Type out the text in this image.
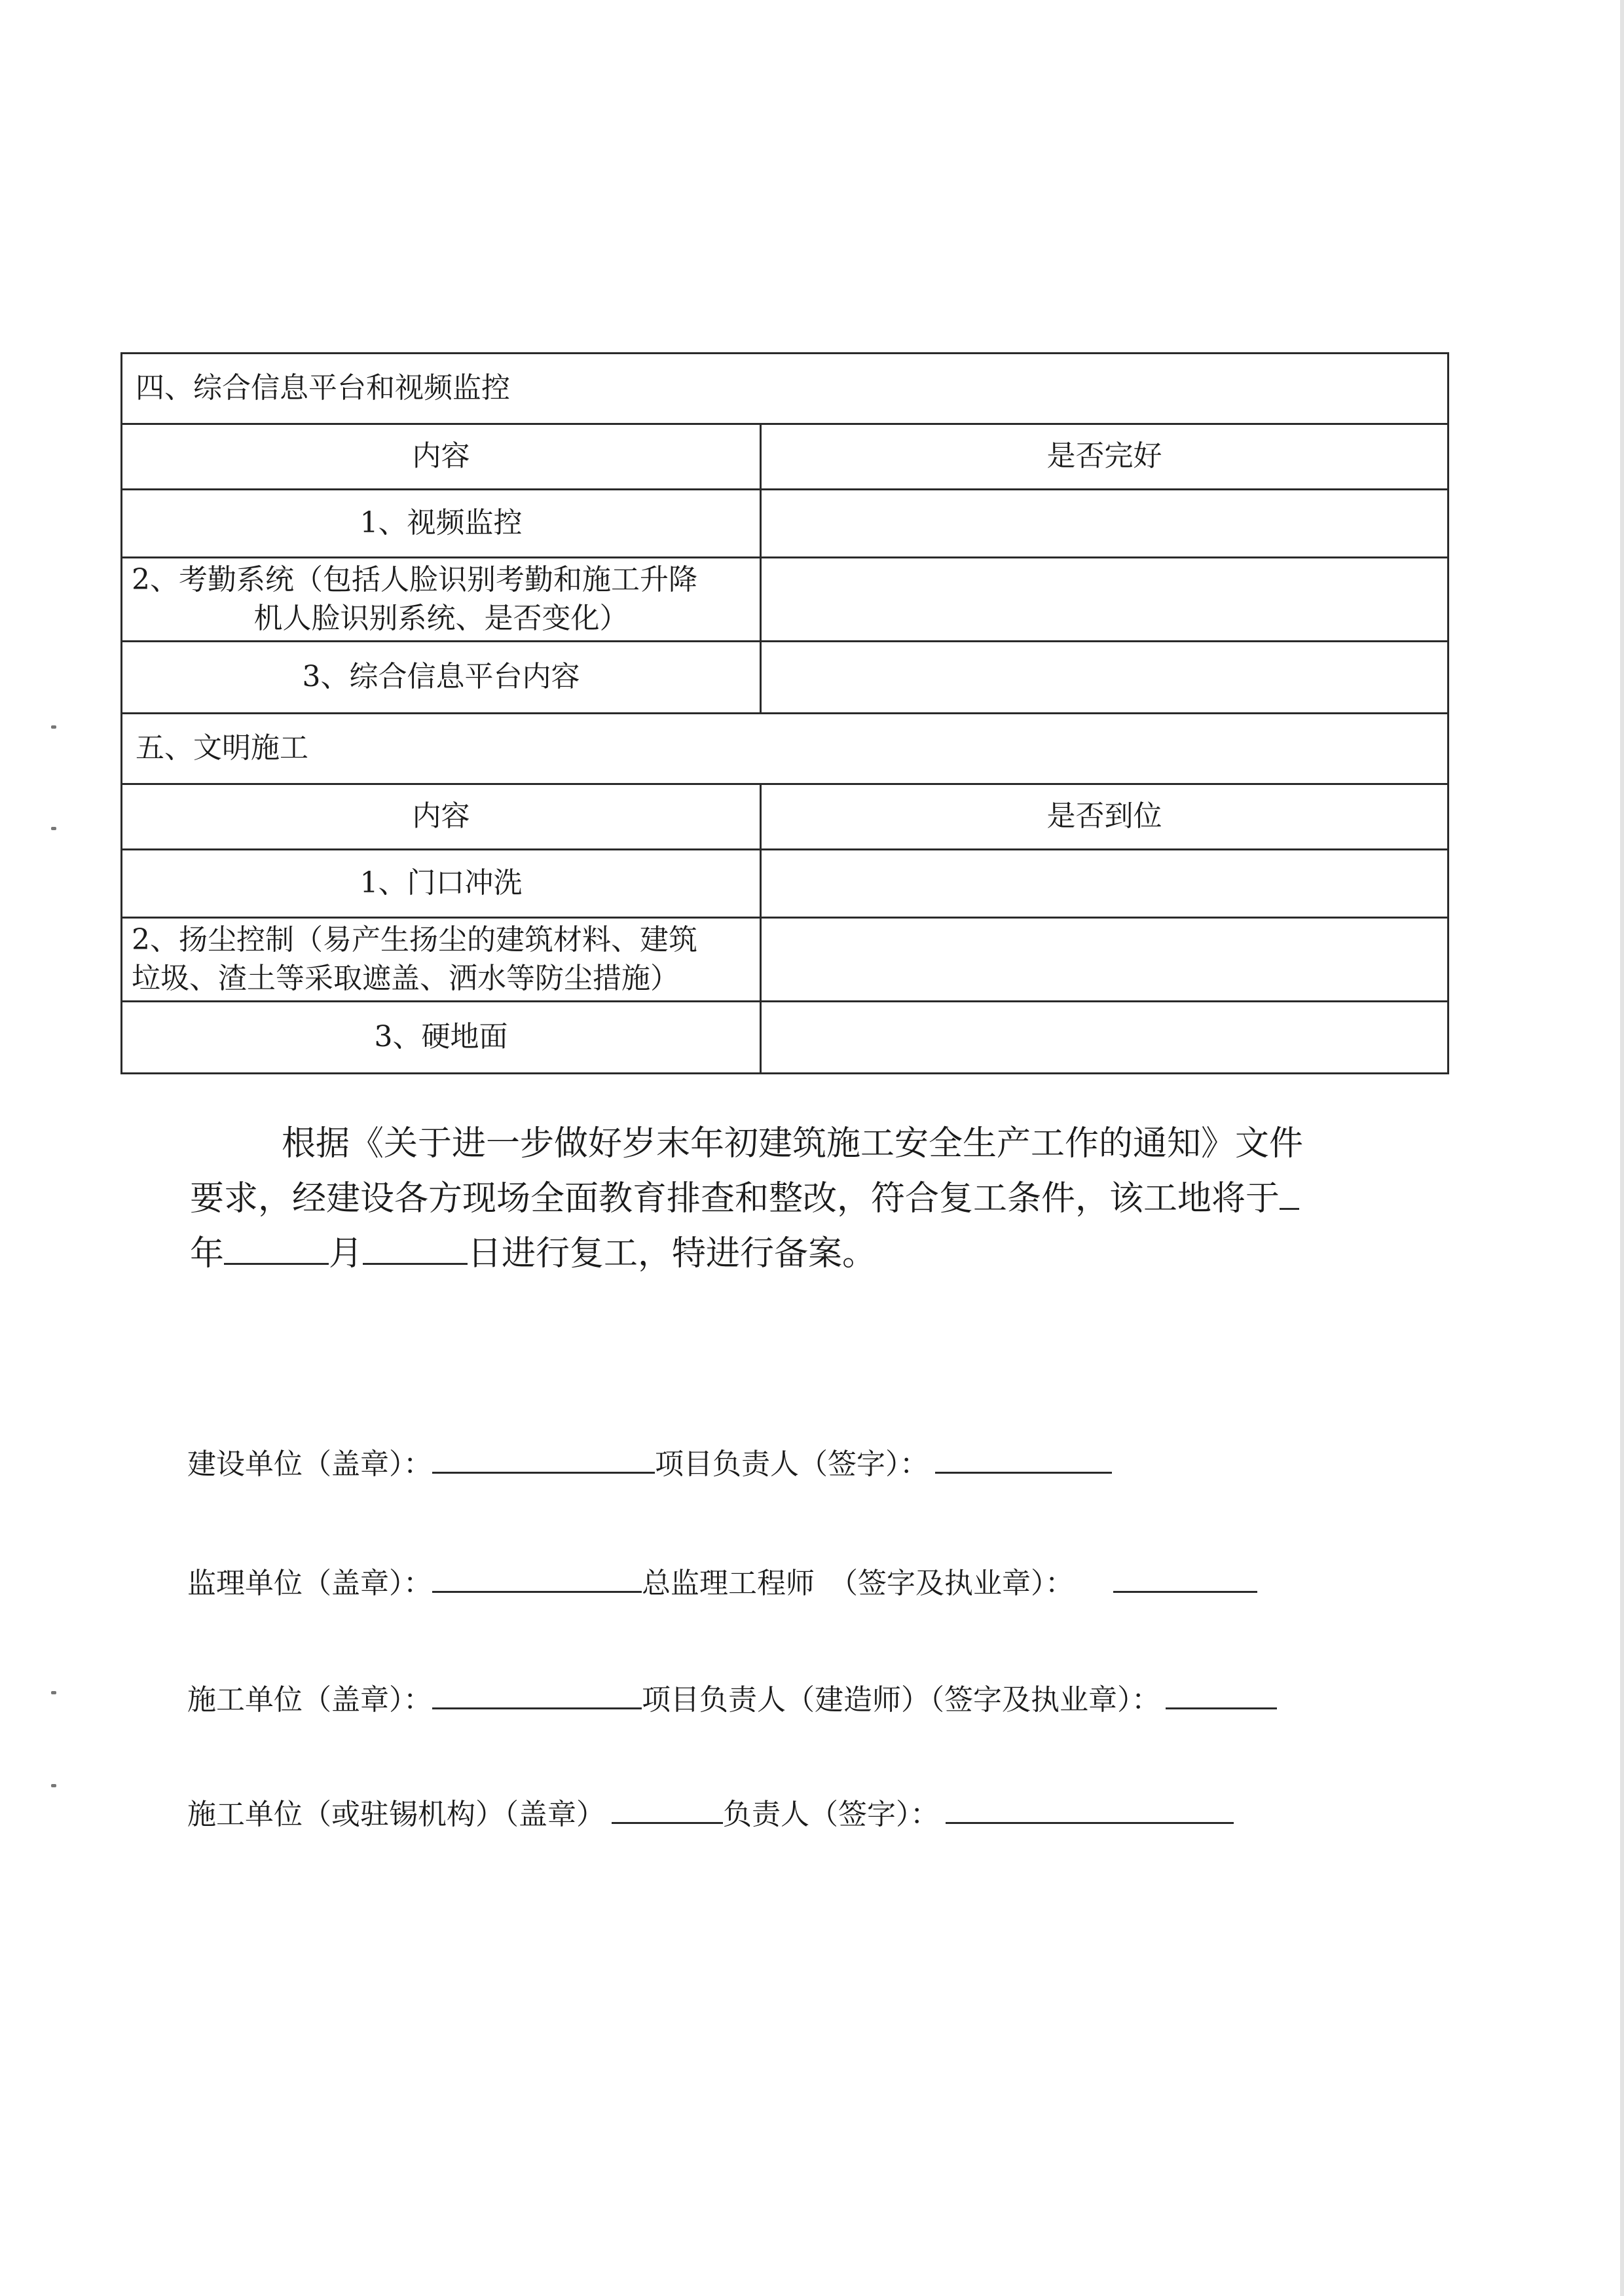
四、综合信息平台和视频监控	
内容	是否完好
1、视频监控	

2、考勤系统（包括人脸识别考勤和施工升降
机人脸识别系统、是否变化）	

3、综合信息平台内容	
五、文明施工	
内容	是否到位
1、门口冲洗	

2、扬尘控制（易产生扬尘的建筑材料、建筑
垃圾、渣土等采取遮盖、洒水等防尘措施）	

3、硬地面	

根据《关于进一步做好岁末年初建筑施工安全生产工作的通知》文件
要求，经建设各方现场全面教育排查和整改，符合复工条件，该工地将于
年	月	日进行复工，特进行备案。

建设单位（盖章）：	项目负责人（签字）：
监理单位（盖章）：	总监理工程师　（签字及执业章）：
施工单位（盖章）：	项目负责人（建造师）（签字及执业章）：
施工单位（或驻锡机构）（盖章）	负责人（签字）：
